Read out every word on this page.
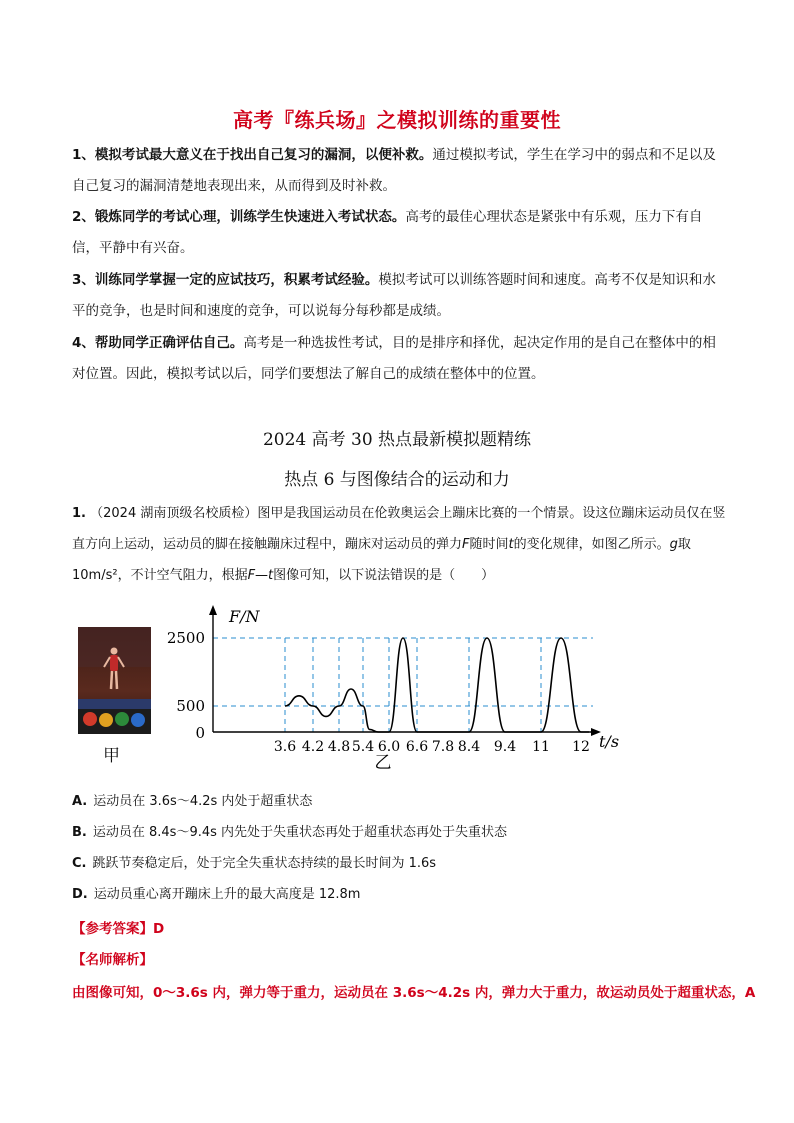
高考『练兵场』之模拟训练的重要性
1、模拟考试最大意义在于找出自己复习的漏洞，以便补救。通过模拟考试，学生在学习中的弱点和不足以及自己复习的漏洞清楚地表现出来，从而得到及时补救。
2、锻炼同学的考试心理，训练学生快速进入考试状态。高考的最佳心理状态是紧张中有乐观，压力下有自信，平静中有兴奋。
3、训练同学掌握一定的应试技巧，积累考试经验。模拟考试可以训练答题时间和速度。高考不仅是知识和水平的竞争，也是时间和速度的竞争，可以说每分每秒都是成绩。
4、帮助同学正确评估自己。高考是一种选拔性考试，目的是排序和择优，起决定作用的是自己在整体中的相对位置。因此，模拟考试以后，同学们要想法了解自己的成绩在整体中的位置。
2024 高考 30 热点最新模拟题精练
热点 6 与图像结合的运动和力
1. （2024 湖南顶级名校质检）图甲是我国运动员在伦敦奥运会上蹦床比赛的一个情景。设这位蹦床运动员仅在竖直方向上运动，运动员的脚在接触蹦床过程中，蹦床对运动员的弹力F随时间t的变化规律，如图乙所示。g取 10m/s²，不计空气阻力，根据F—t图像可知，以下说法错误的是（　　）
甲
F/N
2500
500
0
3.6 4.2 4.8 5.4 6.0 6.6 7.8 8.4 9.4 11 12 t/s
乙
A. 运动员在 3.6s～4.2s 内处于超重状态
B. 运动员在 8.4s～9.4s 内先处于失重状态再处于超重状态再处于失重状态
C. 跳跃节奏稳定后，处于完全失重状态持续的最长时间为 1.6s
D. 运动员重心离开蹦床上升的最大高度是 12.8m
【参考答案】D
【名师解析】
由图像可知，0～3.6s 内，弹力等于重力，运动员在 3.6s～4.2s 内，弹力大于重力，故运动员处于超重状态，A
